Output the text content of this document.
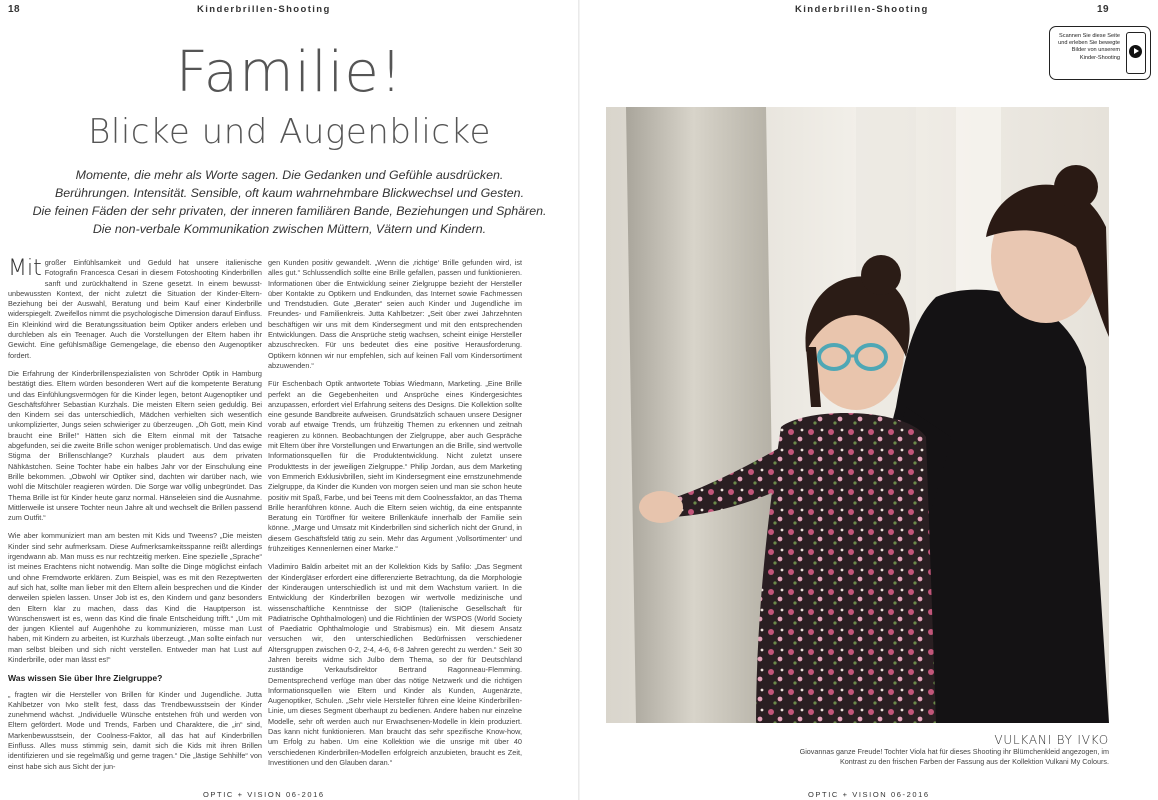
18	Kinderbrillen-Shooting
Familie!
Blicke und Augenblicke
Momente, die mehr als Worte sagen. Die Gedanken und Gefühle ausdrücken.
Berührungen. Intensität. Sensible, oft kaum wahrnehmbare Blickwechsel und Gesten.
Die feinen Fäden der sehr privaten, der inneren familiären Bande, Beziehungen und Sphären.
Die non-verbale Kommunikation zwischen Müttern, Vätern und Kindern.

Mit großer Einfühlsamkeit und Geduld hat unsere italienische Fotografin Francesca Cesari in diesem Fotoshooting Kinderbrillen sanft und zurückhaltend in Szene gesetzt. In einem bewusst-unbewussten Kontext, der nicht zuletzt die Situation der Kinder-Eltern-Beziehung bei der Auswahl, Beratung und beim Kauf einer Kinderbrille widerspiegelt. Zweifellos nimmt die psychologische Dimension darauf Einfluss. Ein Kleinkind wird die Beratungssituation beim Optiker anders erleben und durchleben als ein Teenager. Auch die Vorstellungen der Eltern haben ihr Gewicht. Eine gefühlsmäßige Gemengelage, die ebenso den Augenoptiker fordert.

Die Erfahrung der Kinderbrillenspezialisten von Schröder Optik in Hamburg bestätigt dies. Eltern würden besonderen Wert auf die kompetente Beratung und das Einfühlungsvermögen für die Kinder legen, betont Augenoptiker und Geschäftsführer Sebastian Kurzhals. Die meisten Eltern seien geduldig. Bei den Kindern sei das unterschiedlich, Mädchen verhielten sich wesentlich unkomplizierter, Jungs seien schwieriger zu überzeugen. „Oh Gott, mein Kind braucht eine Brille!“ Hätten sich die Eltern einmal mit der Tatsache abgefunden, sei die zweite Brille schon weniger problematisch. Und das ewige Stigma der Brillenschlange? Kurzhals plaudert aus dem privaten Nähkästchen. Seine Tochter habe ein halbes Jahr vor der Einschulung eine Brille bekommen. „Obwohl wir Optiker sind, dachten wir darüber nach, wie wohl die Mitschüler reagieren würden. Die Sorge war völlig unbegründet. Das Thema Brille ist für Kinder heute ganz normal. Hänseleien sind die Ausnahme. Mittlerweile ist unsere Tochter neun Jahre alt und wechselt die Brillen passend zum Outfit.“

Wie aber kommuniziert man am besten mit Kids und Tweens? „Die meisten Kinder sind sehr aufmerksam. Diese Aufmerksamkeitsspanne reißt allerdings irgendwann ab. Man muss es nur rechtzeitig merken. Eine spezielle „Sprache“ ist meines Erachtens nicht notwendig. Man sollte die Dinge möglichst einfach und ohne Fremdworte erklären. Zum Beispiel, was es mit den Rezeptwerten auf sich hat, sollte man lieber mit den Eltern allein besprechen und die Kinder derweilen spielen lassen. Unser Job ist es, den Kindern und ganz besonders den Eltern klar zu machen, dass das Kind die Hauptperson ist. Wünschenswert ist es, wenn das Kind die finale Entscheidung trifft.“ „Um mit der jungen Klientel auf Augenhöhe zu kommunizieren, müsse man Lust haben, mit Kindern zu arbeiten, ist Kurzhals überzeugt. „Man sollte einfach nur man selbst bleiben und sich nicht verstellen. Entweder man hat Lust auf Kinderbrille, oder man lässt es!“

Was wissen Sie über Ihre Zielgruppe?

„ fragten wir die Hersteller von Brillen für Kinder und Jugendliche. Jutta Kahlbetzer von Ivko stellt fest, dass das Trendbewusstsein der Kinder zunehmend wächst. „Individuelle Wünsche entstehen früh und werden von Eltern gefördert. Mode und Trends, Farben und Charaktere, die „in“ sind, Markenbewusstsein, der Coolness-Faktor, all das hat auf Kinderbrillen Einfluss. Alles muss stimmig sein, damit sich die Kids mit ihren Brillen identifizieren und sie regelmäßig und gerne tragen.“ Die „lästige Sehhilfe“ von einst habe sich aus Sicht der jun-

gen Kunden positiv gewandelt. „Wenn die ‚richtige‘ Brille gefunden wird, ist alles gut.“ Schlussendlich sollte eine Brille gefallen, passen und funktionieren. Informationen über die Entwicklung seiner Zielgruppe bezieht der Hersteller über Kontakte zu Optikern und Endkunden, das Internet sowie Fachmessen und Trendstudien. Gute „Berater“ seien auch Kinder und Jugendliche im Freundes- und Familienkreis. Jutta Kahlbetzer: „Seit über zwei Jahrzehnten beschäftigen wir uns mit dem Kindersegment und mit den entsprechenden Entwicklungen. Dass die Ansprüche stetig wachsen, scheint einige Hersteller abzuschrecken. Für uns bedeutet dies eine positive Herausforderung. Optikern können wir nur empfehlen, sich auf keinen Fall vom Kindersortiment abzuwenden.“

Für Eschenbach Optik antwortete Tobias Wiedmann, Marketing. „Eine Brille perfekt an die Gegebenheiten und Ansprüche eines Kindergesichtes anzupassen, erfordert viel Erfahrung seitens des Designs. Die Kollektion sollte eine gesunde Bandbreite aufweisen. Grundsätzlich schauen unsere Designer vorab auf etwaige Trends, um frühzeitig Themen zu erkennen und zeitnah reagieren zu können. Beobachtungen der Zielgruppe, aber auch Gespräche mit Eltern über ihre Vorstellungen und Erwartungen an die Brille, sind wertvolle Informationsquellen für die Produktentwicklung. Nicht zuletzt unsere Produkttests in der jeweiligen Zielgruppe.“ Philip Jordan, aus dem Marketing von Emmerich Exklusivbrillen, sieht im Kindersegment eine ernstzunehmende Zielgruppe, da Kinder die Kunden von morgen seien und man sie schon heute positiv mit Spaß, Farbe, und bei Teens mit dem Coolnessfaktor, an das Thema Brille heranführen könne. Auch die Eltern seien wichtig, da eine entspannte Beratung ein Türöffner für weitere Brillenkäufe innerhalb der Familie sein könne. „Marge und Umsatz mit Kinderbrillen sind sicherlich nicht der Grund, in diesem Geschäftsfeld tätig zu sein. Mehr das Argument ‚Vollsortimenter‘ und frühzeitiges Kennenlernen einer Marke.“

Vladimiro Baldin arbeitet mit an der Kollektion Kids by Safilo: „Das Segment der Kindergläser erfordert eine differenzierte Betrachtung, da die Morphologie der Kinderaugen unterschiedlich ist und mit dem Wachstum variiert. In die Entwicklung der Kinderbrillen bezogen wir wertvolle medizinische und wissenschaftliche Kenntnisse der SIOP (Italienische Gesellschaft für Pädiatrische Ophthalmologen) und die Richtlinien der WSPOS (World Society of Paediatric Ophthalmologie und Strabismus) ein. Mit diesem Ansatz versuchen wir, den unterschiedlichen Bedürfnissen verschiedener Altersgruppen zwischen 0-2, 2-4, 4-6, 6-8 Jahren gerecht zu werden.“ Seit 30 Jahren bereits widme sich Julbo dem Thema, so der für Deutschland zuständige Verkaufsdirektor Bertrand Ragonneau-Flemming. Dementsprechend verfüge man über das nötige Netzwerk und die richtigen Informationsquellen wie Eltern und Kinder als Kunden, Augenärzte, Augenoptiker, Schulen. „Sehr viele Hersteller führen eine kleine Kinderbrillen-Linie, um dieses Segment überhaupt zu bedienen. Andere haben nur einzelne Modelle, sehr oft werden auch nur Erwachsenen-Modelle in klein produziert. Das kann nicht funktionieren. Man braucht das sehr spezifische Know-how, um Erfolg zu haben. Um eine Kollektion wie die unsrige mit über 40 verschiedenen Kinderbrillen-Modellen erfolgreich anzubieten, braucht es Zeit, Investitionen und den Glauben daran.“

OPTIC + VISION 06-2016
Kinderbrillen-Shooting	19
Scannen Sie diese Seite und erleben Sie bewegte Bilder von unserem Kinder-Shooting
VULKANI BY IVKO
Giovannas ganze Freude! Tochter Viola hat für dieses Shooting ihr Blümchenkleid angezogen, im Kontrast zu den frischen Farben der Fassung aus der Kollektion Vulkani My Colours.
OPTIC + VISION 06-2016
